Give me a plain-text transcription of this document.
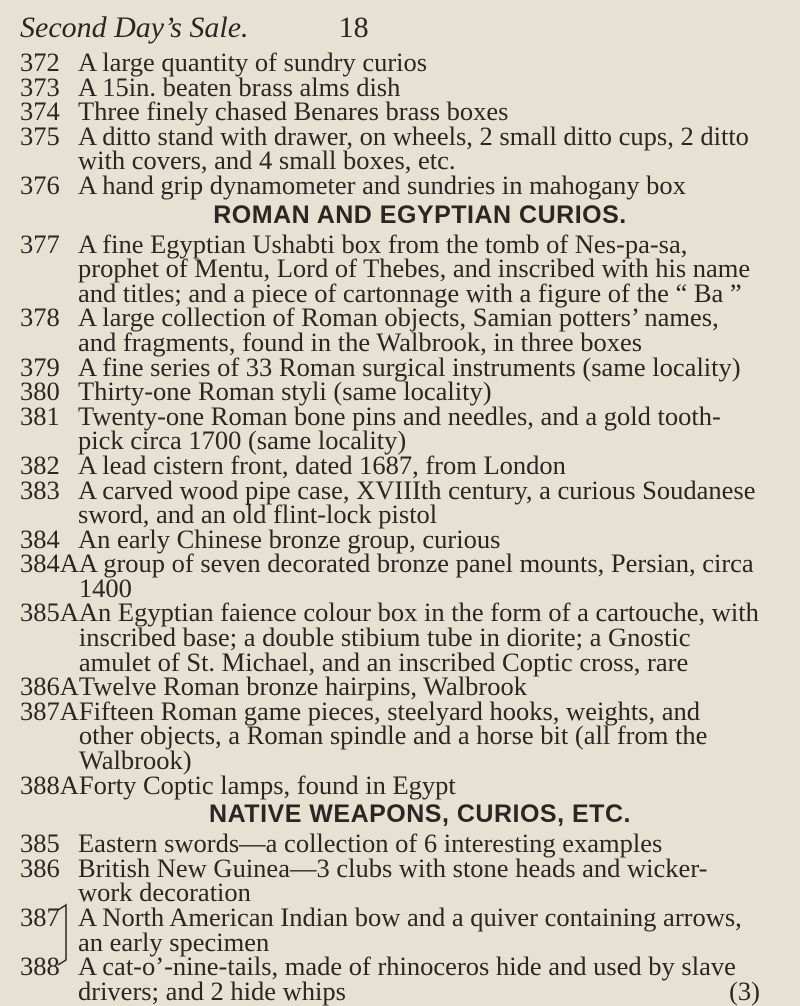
Second Day’s Sale.	18
372 A large quantity of sundry curios
373 A 15in. beaten brass alms dish
374 Three finely chased Benares brass boxes
375 A ditto stand with drawer, on wheels, 2 small ditto cups, 2 ditto with covers, and 4 small boxes, etc.
376 A hand grip dynamometer and sundries in mahogany box
ROMAN AND EGYPTIAN CURIOS.
377 A fine Egyptian Ushabti box from the tomb of Nes-pa-sa, prophet of Mentu, Lord of Thebes, and inscribed with his name and titles; and a piece of cartonnage with a figure of the “ Ba ”
378 A large collection of Roman objects, Samian potters’ names, and fragments, found in the Walbrook, in three boxes
379 A fine series of 33 Roman surgical instruments (same locality)
380 Thirty-one Roman styli (same locality)
381 Twenty-one Roman bone pins and needles, and a gold tooth-pick circa 1700 (same locality)
382 A lead cistern front, dated 1687, from London
383 A carved wood pipe case, XVIIIth century, a curious Soudanese sword, and an old flint-lock pistol
384 An early Chinese bronze group, curious
384A A group of seven decorated bronze panel mounts, Persian, circa 1400
385A An Egyptian faience colour box in the form of a cartouche, with inscribed base; a double stibium tube in diorite; a Gnostic amulet of St. Michael, and an inscribed Coptic cross, rare
386A Twelve Roman bronze hairpins, Walbrook
387A Fifteen Roman game pieces, steelyard hooks, weights, and other objects, a Roman spindle and a horse bit (all from the Walbrook)
388A Forty Coptic lamps, found in Egypt
NATIVE WEAPONS, CURIOS, ETC.
385 Eastern swords—a collection of 6 interesting examples
386 British New Guinea—3 clubs with stone heads and wicker-work decoration
387 A North American Indian bow and a quiver containing arrows, an early specimen
388 A cat-o’-nine-tails, made of rhinoceros hide and used by slave drivers; and 2 hide whips	(3)
